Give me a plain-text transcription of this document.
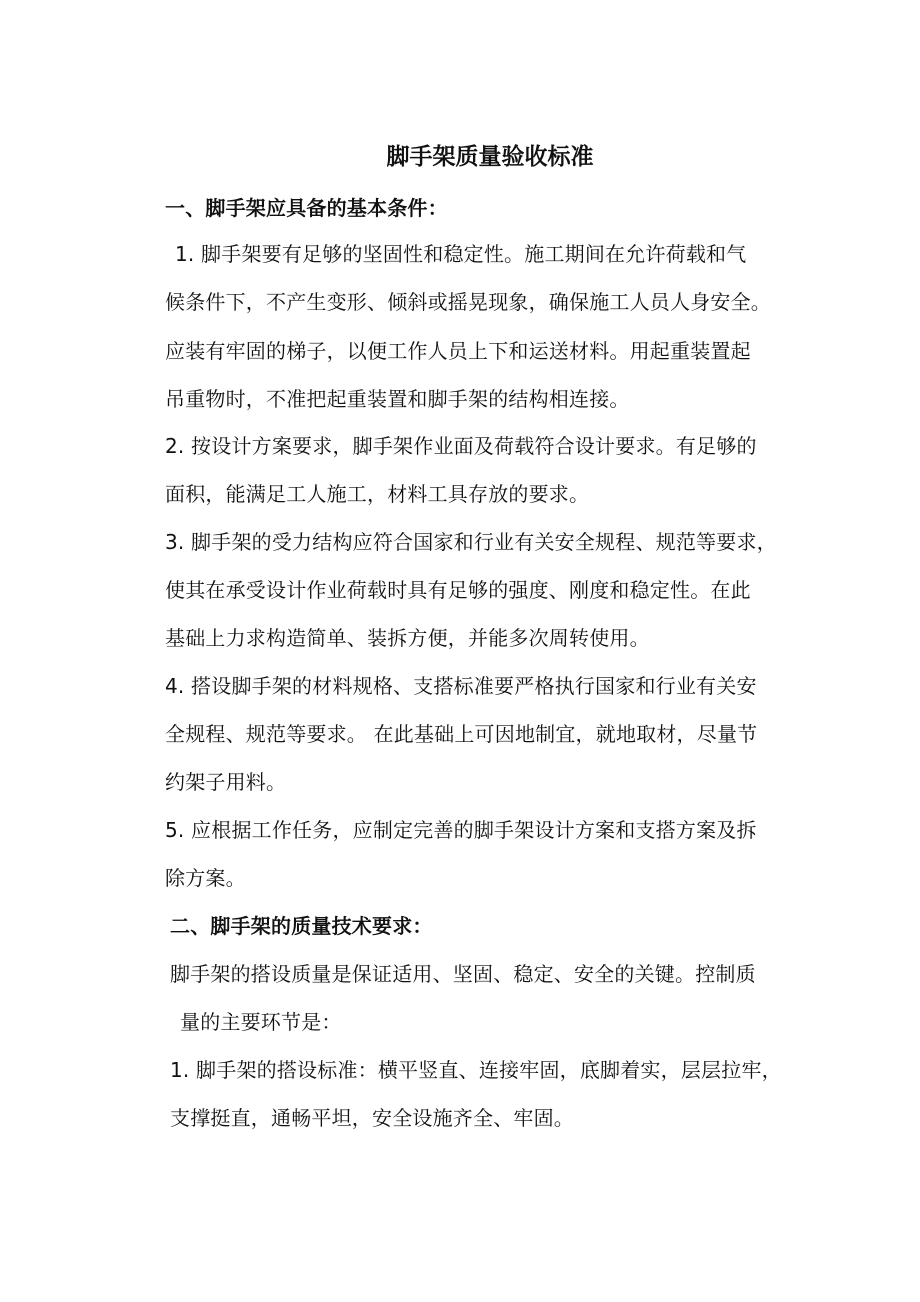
脚手架质量验收标准
一、脚手架应具备的基本条件：
1. 脚手架要有足够的坚固性和稳定性。施工期间在允许荷载和气
候条件下，不产生变形、倾斜或摇晃现象，确保施工人员人身安全。
应装有牢固的梯子，以便工作人员上下和运送材料。用起重装置起
吊重物时，不准把起重装置和脚手架的结构相连接。
2. 按设计方案要求，脚手架作业面及荷载符合设计要求。有足够的
面积，能满足工人施工，材料工具存放的要求。
3. 脚手架的受力结构应符合国家和行业有关安全规程、规范等要求，
使其在承受设计作业荷载时具有足够的强度、刚度和稳定性。在此
基础上力求构造简单、装拆方便，并能多次周转使用。
4. 搭设脚手架的材料规格、支搭标准要严格执行国家和行业有关安
全规程、规范等要求。 在此基础上可因地制宜，就地取材，尽量节
约架子用料。
5. 应根据工作任务，应制定完善的脚手架设计方案和支搭方案及拆
除方案。
二、脚手架的质量技术要求：
脚手架的搭设质量是保证适用、坚固、稳定、安全的关键。控制质
量的主要环节是：
1. 脚手架的搭设标准：横平竖直、连接牢固，底脚着实，层层拉牢，
支撑挺直，通畅平坦，安全设施齐全、牢固。
